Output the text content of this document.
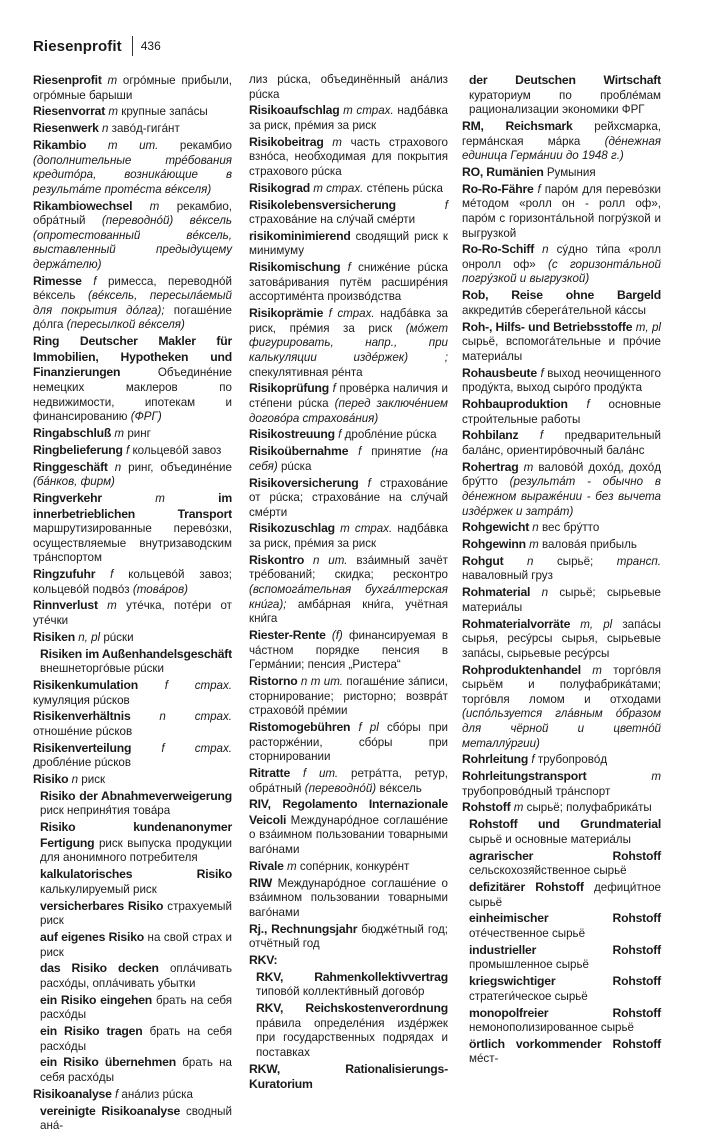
Riesenprofit 436

Riesenprofit m огрóмные прибыли, огрóмные барыши

Riesenvorrat m крупные запáсы

Riesenwerk n завóд-гигáнт

Rikambio m ит. рекамбио (дополнительные трéбования кредитóра, возникáющие в результáте протéста вéкселя)

Rikambiowechsel m рекамбио, обрáтный (переводнóй) вéксель (опротестованный вéксель, выставленный предыдущему держáтелю)

Rimesse f римесса, переводнóй вéксель (вéксель, пересылáемый для покрытия дóлга); погашéние дóлга (пересылкой вéкселя)

Ring Deutscher Makler für Immobilien, Hypotheken und Finanzierungen	Объединéние немецких маклеров по недвижимости, ипотекам и финансированию (ФРГ)

Ringabschluß m ринг

Ringbelieferung f кольцевóй завоз

Ringgeschäft n ринг, объединéние (бáнков, фирм)

Ringverkehr	m	im innerbetrieblichen Transport маршрутизированные перевóзки, осуществляемые внутризаводским трáнспортом

Ringzufuhr f кольцевóй завоз; кольцевóй подвóз (товáров)

Rinnverlust m утéчка, потéри от утéчки

Risiken n, pl рúски

Risiken im Außenhandelsgeschäft внешнеторгóвые рúски

Risikenkumulation f страх. кумуляция рúсков

Risikenverhältnis n страх. отношéние рúсков

Risikenverteilung	f страх. дроблéние рúсков

Risiko n риск

Risiko der Abnahmeverweigerung риск неприня́тия товáра

Risiko kundenanonymer Fertigung риск выпуска продукции для анонимного потребителя

kalkulatorisches Risiko калькулируемый риск

versicherbares Risiko страхуемый риск

auf eigenes Risiko на свой страх и риск

das Risiko decken оплáчивать расхóды, оплáчивать убытки

ein Risiko eingehen брать на себя расхóды

ein Risiko tragen брать на себя расхóды

ein Risiko übernehmen брать на себя расхóды

Risikoanalyse f анáлиз рúска

vereinigte Risikoanalyse сводный анá-

лиз рúска, объединённый анáлиз рúска

Risikoaufschlag m страх. надбáвка за риск, прéмия за риск

Risikobeitrag m часть страхового взнóса, необходимая для покрытия страхового рúска

Risikograd m страх. стéпень рúска

Risikolebensversicherung	f страховáние на слýчай смéрти

risikominimierend сводящий риск к минимуму

Risikomischung f снижéние рúска затовáривания путём расширéния ассортимéнта произвóдства

Risikoprämie f страх. надбáвка за риск, прéмия за риск (мóжет фигурировать, напр., при калькуляции издéржек) ; спекулятивная рéнта

Risikoprüfung f провéрка наличия и стéпени рúска (перед заключéнием договóра страховáния)

Risikostreuung f дроблéние рúска

Risikoübernahme f принятие (на себя) рúска

Risikoversicherung f страховáние от рúска; страховáние на слýчай смéрти

Risikozuschlag m страх. надбáвка за риск, прéмия за риск

Riskontro n ит. взáимный зачёт трéбований; скидка; ресконтро (вспомогáтельная бухгáлтерская кни́га); амбáрная кни́га, учётная кни́га

Riester-Rente (f) финансируемая в чáстном порядке пенсия в Гермáнии; пенсия „Ристера“

Ristorno n m ит. погашéние зáписи, сторнирование; ристорно; возврáт страховóй прéмии

Ristomogebühren f pl сбóры при расторжéнии, сбóры при сторнировании

Ritratte f ит. ретрáтта, ретур, обрáтный (переводнóй) вéксель

RIV, Regolamento Internazionale Veicoli Междунарóдное соглашéние о взáимном пользовании товарными вагóнами

Rivale m сопéрник, конкурéнт

RIW Междунарóдное соглашéние о взáимном пользовании товарными вагóнами

Rj., Rechnungsjahr бюджéтный год; отчётный год

RKV:

RKV, Rahmenkollektivvertrag типовóй коллекти́вный договóр

RKV, Reichskostenverordnung прáвила определéния издéржек при государственных подрядах и поставках

RKW, Rationalisierungs-Kuratorium

der Deutschen Wirtschaft кураториум по проблéмам рационализации экономики ФРГ

RM, Reichsmark рейхсмарка, гермáнская мáрка (дéнежная единица Гермáнии до 1948 г.)

RO, Rumänien Румыния

Ro-Ro-Fähre f парóм для перевóзки мéтодом «ролл он - ролл оф», парóм с горизонтáльной погрýзкой и выгрузкой

Ro-Ro-Schiff n сýдно ти́па «ролл онролл оф» (с горизонтáльной погрýзкой и выгрузкой)

Rob, Reise ohne Bargeld аккредити́в сберегáтельной кáссы

Roh-, Hilfs- und Betriebsstoffe m, pl сырьё, вспомогáтельные и прóчие материáлы

Rohausbeute f выход неочищенного продýкта, выход сырóго продýкта

Rohbauproduktion f основные строи́тельные работы

Rohbilanz f предварительный балáнс, ориентирóвочный балáнс

Rohertrag m валовóй дохóд, дохóд брýтто (результáт - обычно в дéнежном выражéнии - без вычета издéржек и затрáт)

Rohgewicht n вес брýтто

Rohgewinn m валовáя прибыль

Rohgut n сырьё; трансп. наваловный груз

Rohmaterial n сырьё; сырьевые материáлы

Rohmaterialvorräte m, pl запáсы сырья, ресýрсы сырья, сырьевые запáсы, сырьевые ресýрсы

Rohproduktenhandel m торгóвля сырьём и полуфабрикáтами; торгóвля ломом и отходами (испóльзуется глáвным óбразом для чёрной и цветнóй металлýргии)

Rohrleitung f трубопровóд

Rohrleitungstransport	m трубопровóдный трáнспорт

Rohstoff m сырьё; полуфабрикáты

Rohstoff und Grundmaterial сырьё и основные материáлы

agrarischer Rohstoff сельскохозяйственное сырьё

defizitärer Rohstoff дефици́тное сырьё

einheimischer Rohstoff отéчественное сырьё

industrieller Rohstoff промышленное сырьё

kriegswichtiger Rohstoff стратеги́ческое сырьё

monopolfreier Rohstoff немонополизированное сырьё

örtlich vorkommender Rohstoff мéст-
